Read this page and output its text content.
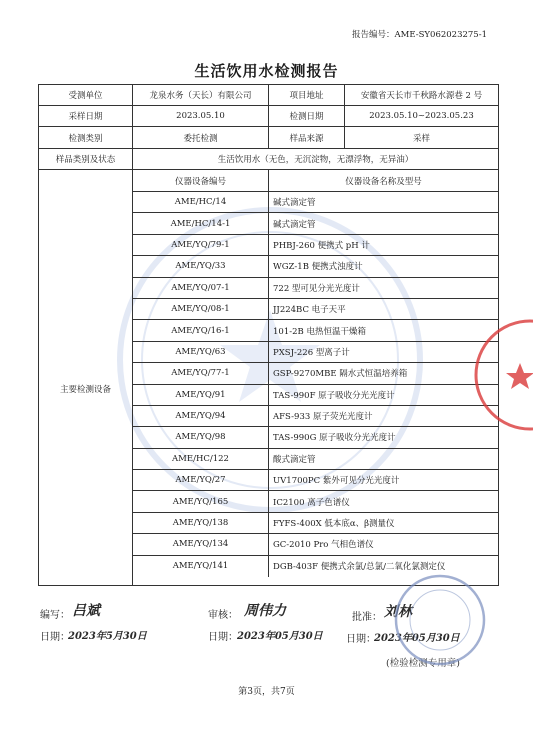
报告编号：AME-SY062023275-1
生活饮用水检测报告
受测单位	龙泉水务（天长）有限公司	项目地址	安徽省天长市千秋路水源巷 2 号
采样日期	2023.05.10	检测日期	2023.05.10~2023.05.23
检测类别	委托检测	样品来源	采样
样品类别及状态	生活饮用水（无色，无沉淀物，无漂浮物，无异油）
仪器设备编号	仪器设备名称及型号
主要检测设备
AME/HC/14	碱式滴定管
AME/HC/14-1	碱式滴定管
AME/YQ/79-1	PHBJ-260 便携式 pH 计
AME/YQ/33	WGZ-1B 便携式浊度计
AME/YQ/07-1	722 型可见分光光度计
AME/YQ/08-1	JJ224BC 电子天平
AME/YQ/16-1	101-2B 电热恒温干燥箱
AME/YQ/63	PXSJ-226 型离子计
AME/YQ/77-1	GSP-9270MBE 隔水式恒温培养箱
AME/YQ/91	TAS-990F 原子吸收分光光度计
AME/YQ/94	AFS-933 原子荧光光度计
AME/YQ/98	TAS-990G 原子吸收分光光度计
AME/HC/122	酸式滴定管
AME/YQ/27	UV1700PC 紫外可见分光光度计
AME/YQ/165	IC2100 离子色谱仪
AME/YQ/138	FYFS-400X 低本底α、β测量仪
AME/YQ/134	GC-2010 Pro 气相色谱仪
AME/YQ/141	DGB-403F 便携式余氯/总氯/二氧化氯测定仪
编写： 吕斌
日期：
2023年5月30日
审核： 周伟力
日期： 2023年05月30日
批准： 刘林
日期：
2023年05月30日
(检验检测专用章)
第3页，共7页
